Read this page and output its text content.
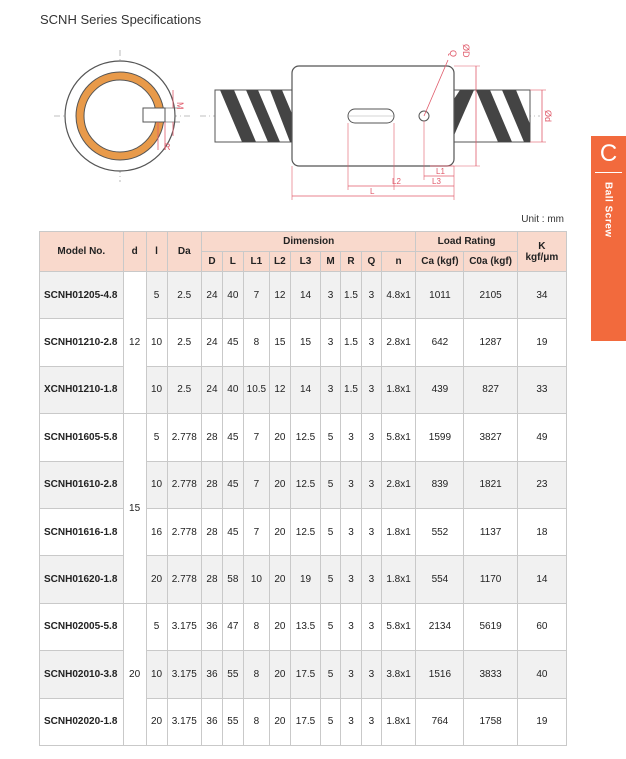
SCNH Series Specifications
M
R
Q ØD
Ød
L1
L3
L2
L
C
Ball Screw
Unit : mm
Model No.	d	l	Da	Dimension									Load Rating		K
kgf/μm

				D	L	L1	L2	L3	M	R	Q	n	Ca (kgf)	C0a (kgf)	
SCNH01205-4.8	12	5	2.5	24	40	7	12	14	3	1.5	3	4.8x1	1011	2105	34
SCNH01210-2.8		10	2.5	24	45	8	15	15	3	1.5	3	2.8x1	642	1287	19
XCNH01210-1.8		10	2.5	24	40	10.5	12	14	3	1.5	3	1.8x1	439	827	33
SCNH01605-5.8	15	5	2.778	28	45	7	20	12.5	5	3	3	5.8x1	1599	3827	49
SCNH01610-2.8		10	2.778	28	45	7	20	12.5	5	3	3	2.8x1	839	1821	23
SCNH01616-1.8		16	2.778	28	45	7	20	12.5	5	3	3	1.8x1	552	1137	18
SCNH01620-1.8		20	2.778	28	58	10	20	19	5	3	3	1.8x1	554	1170	14
SCNH02005-5.8	20	5	3.175	36	47	8	20	13.5	5	3	3	5.8x1	2134	5619	60
SCNH02010-3.8		10	3.175	36	55	8	20	17.5	5	3	3	3.8x1	1516	3833	40
SCNH02020-1.8		20	3.175	36	55	8	20	17.5	5	3	3	1.8x1	764	1758	19
